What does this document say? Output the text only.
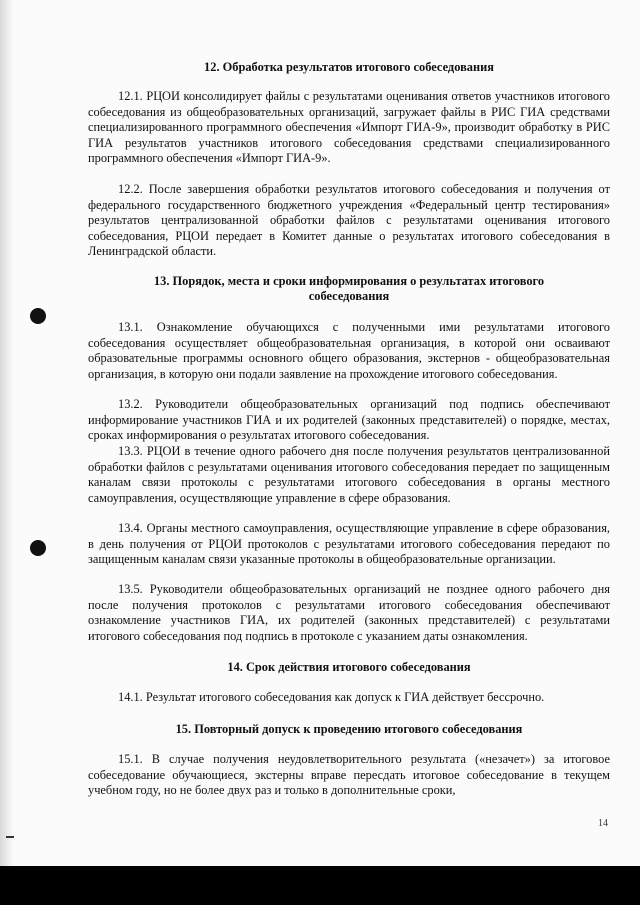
12. Обработка результатов итогового собеседования
12.1. РЦОИ консолидирует файлы с результатами оценивания ответов участников итогового собеседования из общеобразовательных организаций, загружает файлы в РИС ГИА средствами специализированного программного обеспечения «Импорт ГИА-9», производит обработку в РИС ГИА результатов участников итогового собеседования средствами специализированного программного обеспечения «Импорт ГИА-9».
12.2. После завершения обработки результатов итогового собеседования и получения от федерального государственного бюджетного учреждения «Федеральный центр тестирования» результатов централизованной обработки файлов с результатами оценивания итогового собеседования, РЦОИ передает в Комитет данные о результатах итогового собеседования в Ленинградской области.
13. Порядок, места и сроки информирования о результатах итогового собеседования
13.1. Ознакомление обучающихся с полученными ими результатами итогового собеседования осуществляет общеобразовательная организация, в которой они осваивают образовательные программы основного общего образования, экстернов - общеобразовательная организация, в которую они подали заявление на прохождение итогового собеседования.
13.2. Руководители общеобразовательных организаций под подпись обеспечивают информирование участников ГИА и их родителей (законных представителей) о порядке, местах, сроках информирования о результатах итогового собеседования.
13.3. РЦОИ в течение одного рабочего дня после получения результатов централизованной обработки файлов с результатами оценивания итогового собеседования передает по защищенным каналам связи протоколы с результатами итогового собеседования в органы местного самоуправления, осуществляющие управление в сфере образования.
13.4. Органы местного самоуправления, осуществляющие управление в сфере образования, в день получения от РЦОИ протоколов с результатами итогового собеседования передают по защищенным каналам связи указанные протоколы в общеобразовательные организации.
13.5. Руководители общеобразовательных организаций не позднее одного рабочего дня после получения протоколов с результатами итогового собеседования обеспечивают ознакомление участников ГИА, их родителей (законных представителей) с результатами итогового собеседования под подпись в протоколе с указанием даты ознакомления.
14. Срок действия итогового собеседования
14.1. Результат итогового собеседования как допуск к ГИА действует бессрочно.
15. Повторный допуск к проведению итогового собеседования
15.1. В случае получения неудовлетворительного результата («незачет») за итоговое собеседование обучающиеся, экстерны вправе пересдать итоговое собеседование в текущем учебном году, но не более двух раз и только в дополнительные сроки,
14
